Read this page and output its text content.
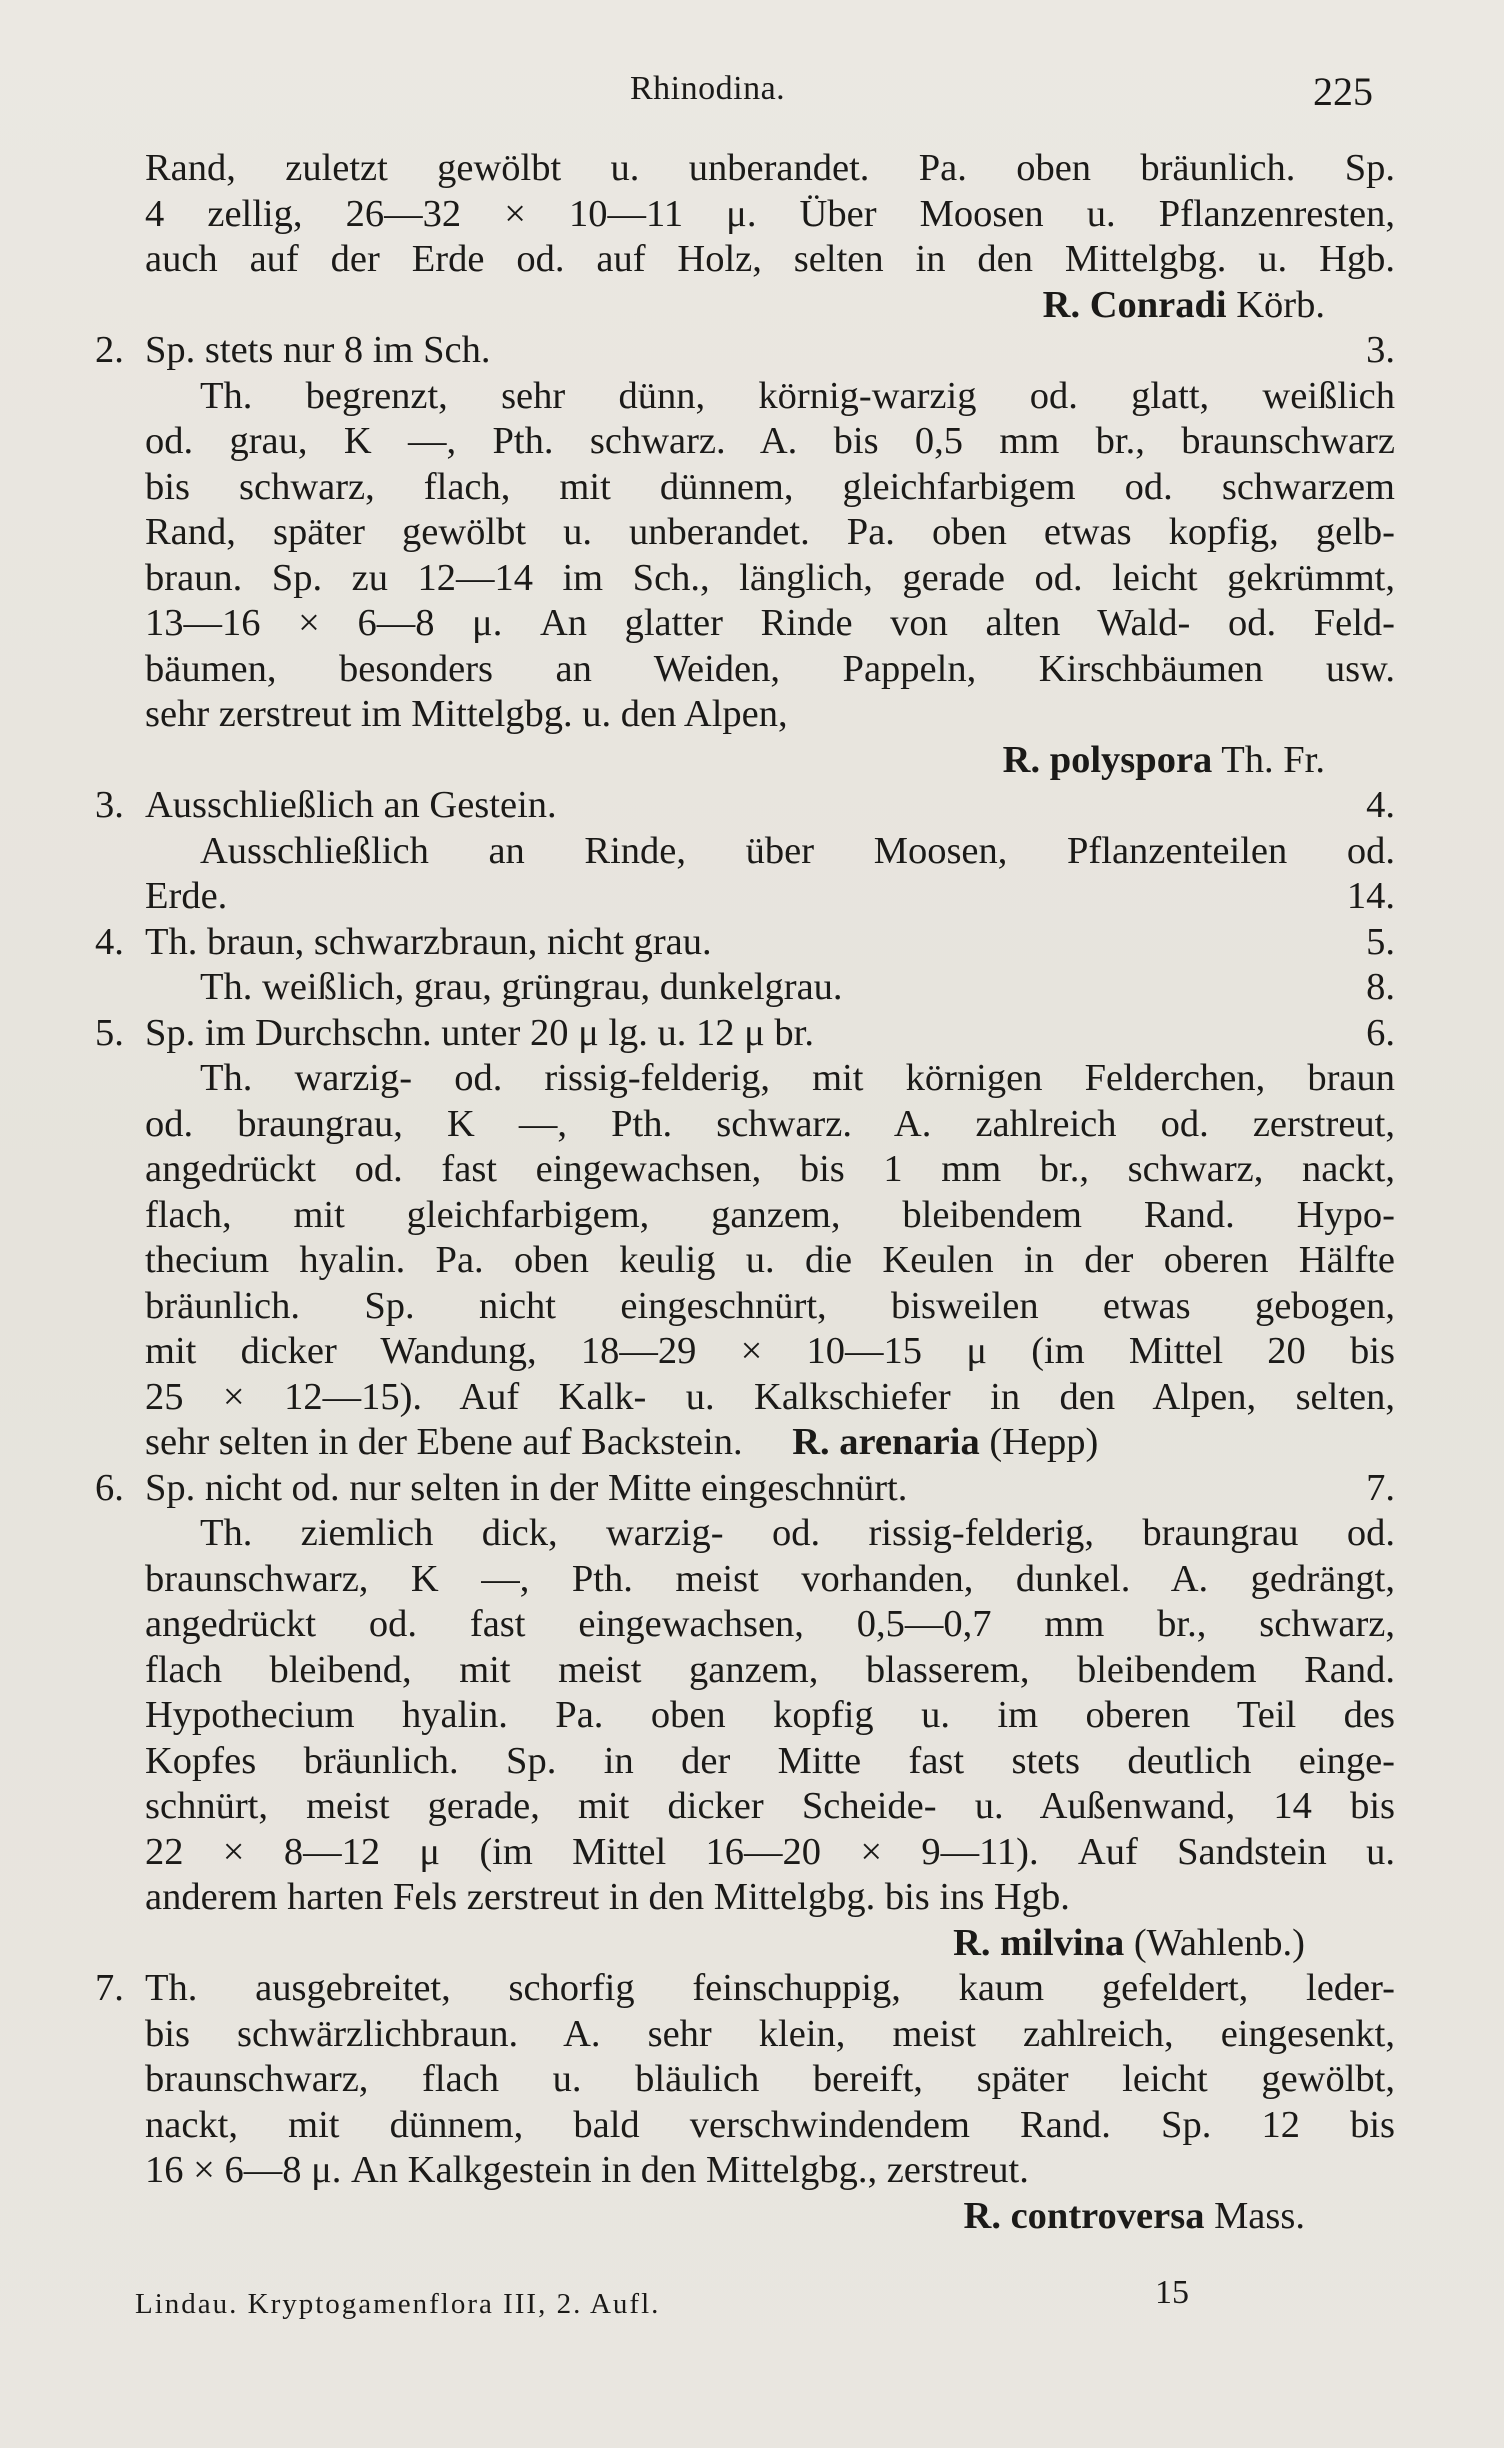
Rhinodina.	225
Rand, zuletzt gewölbt u. unberandet. Pa. oben bräunlich. Sp.
4 zellig, 26—32 × 10—11 μ. Über Moosen u. Pflanzenresten,
auch auf der Erde od. auf Holz, selten in den Mittelgbg. u. Hgb.
R. Conradi Körb.
2. Sp. stets nur 8 im Sch.	3.
Th. begrenzt, sehr dünn, körnig-warzig od. glatt, weißlich
od. grau, K —, Pth. schwarz. A. bis 0,5 mm br., braunschwarz
bis schwarz, flach, mit dünnem, gleichfarbigem od. schwarzem
Rand, später gewölbt u. unberandet. Pa. oben etwas kopfig, gelb-
braun. Sp. zu 12—14 im Sch., länglich, gerade od. leicht gekrümmt,
13—16 × 6—8 μ. An glatter Rinde von alten Wald- od. Feld-
bäumen, besonders an Weiden, Pappeln, Kirschbäumen usw.
sehr zerstreut im Mittelgbg. u. den Alpen,
R. polyspora Th. Fr.
3. Ausschließlich an Gestein.	4.
Ausschließlich an Rinde, über Moosen, Pflanzenteilen od.
Erde.	14.
4. Th. braun, schwarzbraun, nicht grau.	5.
Th. weißlich, grau, grüngrau, dunkelgrau.	8.
5. Sp. im Durchschn. unter 20 μ lg. u. 12 μ br.	6.
Th. warzig- od. rissig-felderig, mit körnigen Felderchen, braun
od. braungrau, K —, Pth. schwarz. A. zahlreich od. zerstreut,
angedrückt od. fast eingewachsen, bis 1 mm br., schwarz, nackt,
flach, mit gleichfarbigem, ganzem, bleibendem Rand. Hypo-
thecium hyalin. Pa. oben keulig u. die Keulen in der oberen Hälfte
bräunlich. Sp. nicht eingeschnürt, bisweilen etwas gebogen,
mit dicker Wandung, 18—29 × 10—15 μ (im Mittel 20 bis
25 × 12—15). Auf Kalk- u. Kalkschiefer in den Alpen, selten,
sehr selten in der Ebene auf Backstein. R. arenaria (Hepp)
6. Sp. nicht od. nur selten in der Mitte eingeschnürt.	7.
Th. ziemlich dick, warzig- od. rissig-felderig, braungrau od.
braunschwarz, K —, Pth. meist vorhanden, dunkel. A. gedrängt,
angedrückt od. fast eingewachsen, 0,5—0,7 mm br., schwarz,
flach bleibend, mit meist ganzem, blasserem, bleibendem Rand.
Hypothecium hyalin. Pa. oben kopfig u. im oberen Teil des
Kopfes bräunlich. Sp. in der Mitte fast stets deutlich einge-
schnürt, meist gerade, mit dicker Scheide- u. Außenwand, 14 bis
22 × 8—12 μ (im Mittel 16—20 × 9—11). Auf Sandstein u.
anderem harten Fels zerstreut in den Mittelgbg. bis ins Hgb.
R. milvina (Wahlenb.)
7. Th. ausgebreitet, schorfig feinschuppig, kaum gefeldert, leder-
bis schwärzlichbraun. A. sehr klein, meist zahlreich, eingesenkt,
braunschwarz, flach u. bläulich bereift, später leicht gewölbt,
nackt, mit dünnem, bald verschwindendem Rand. Sp. 12 bis
16 × 6—8 μ. An Kalkgestein in den Mittelgbg., zerstreut.
R. controversa Mass.
Lindau. Kryptogamenflora III, 2. Aufl.	15
